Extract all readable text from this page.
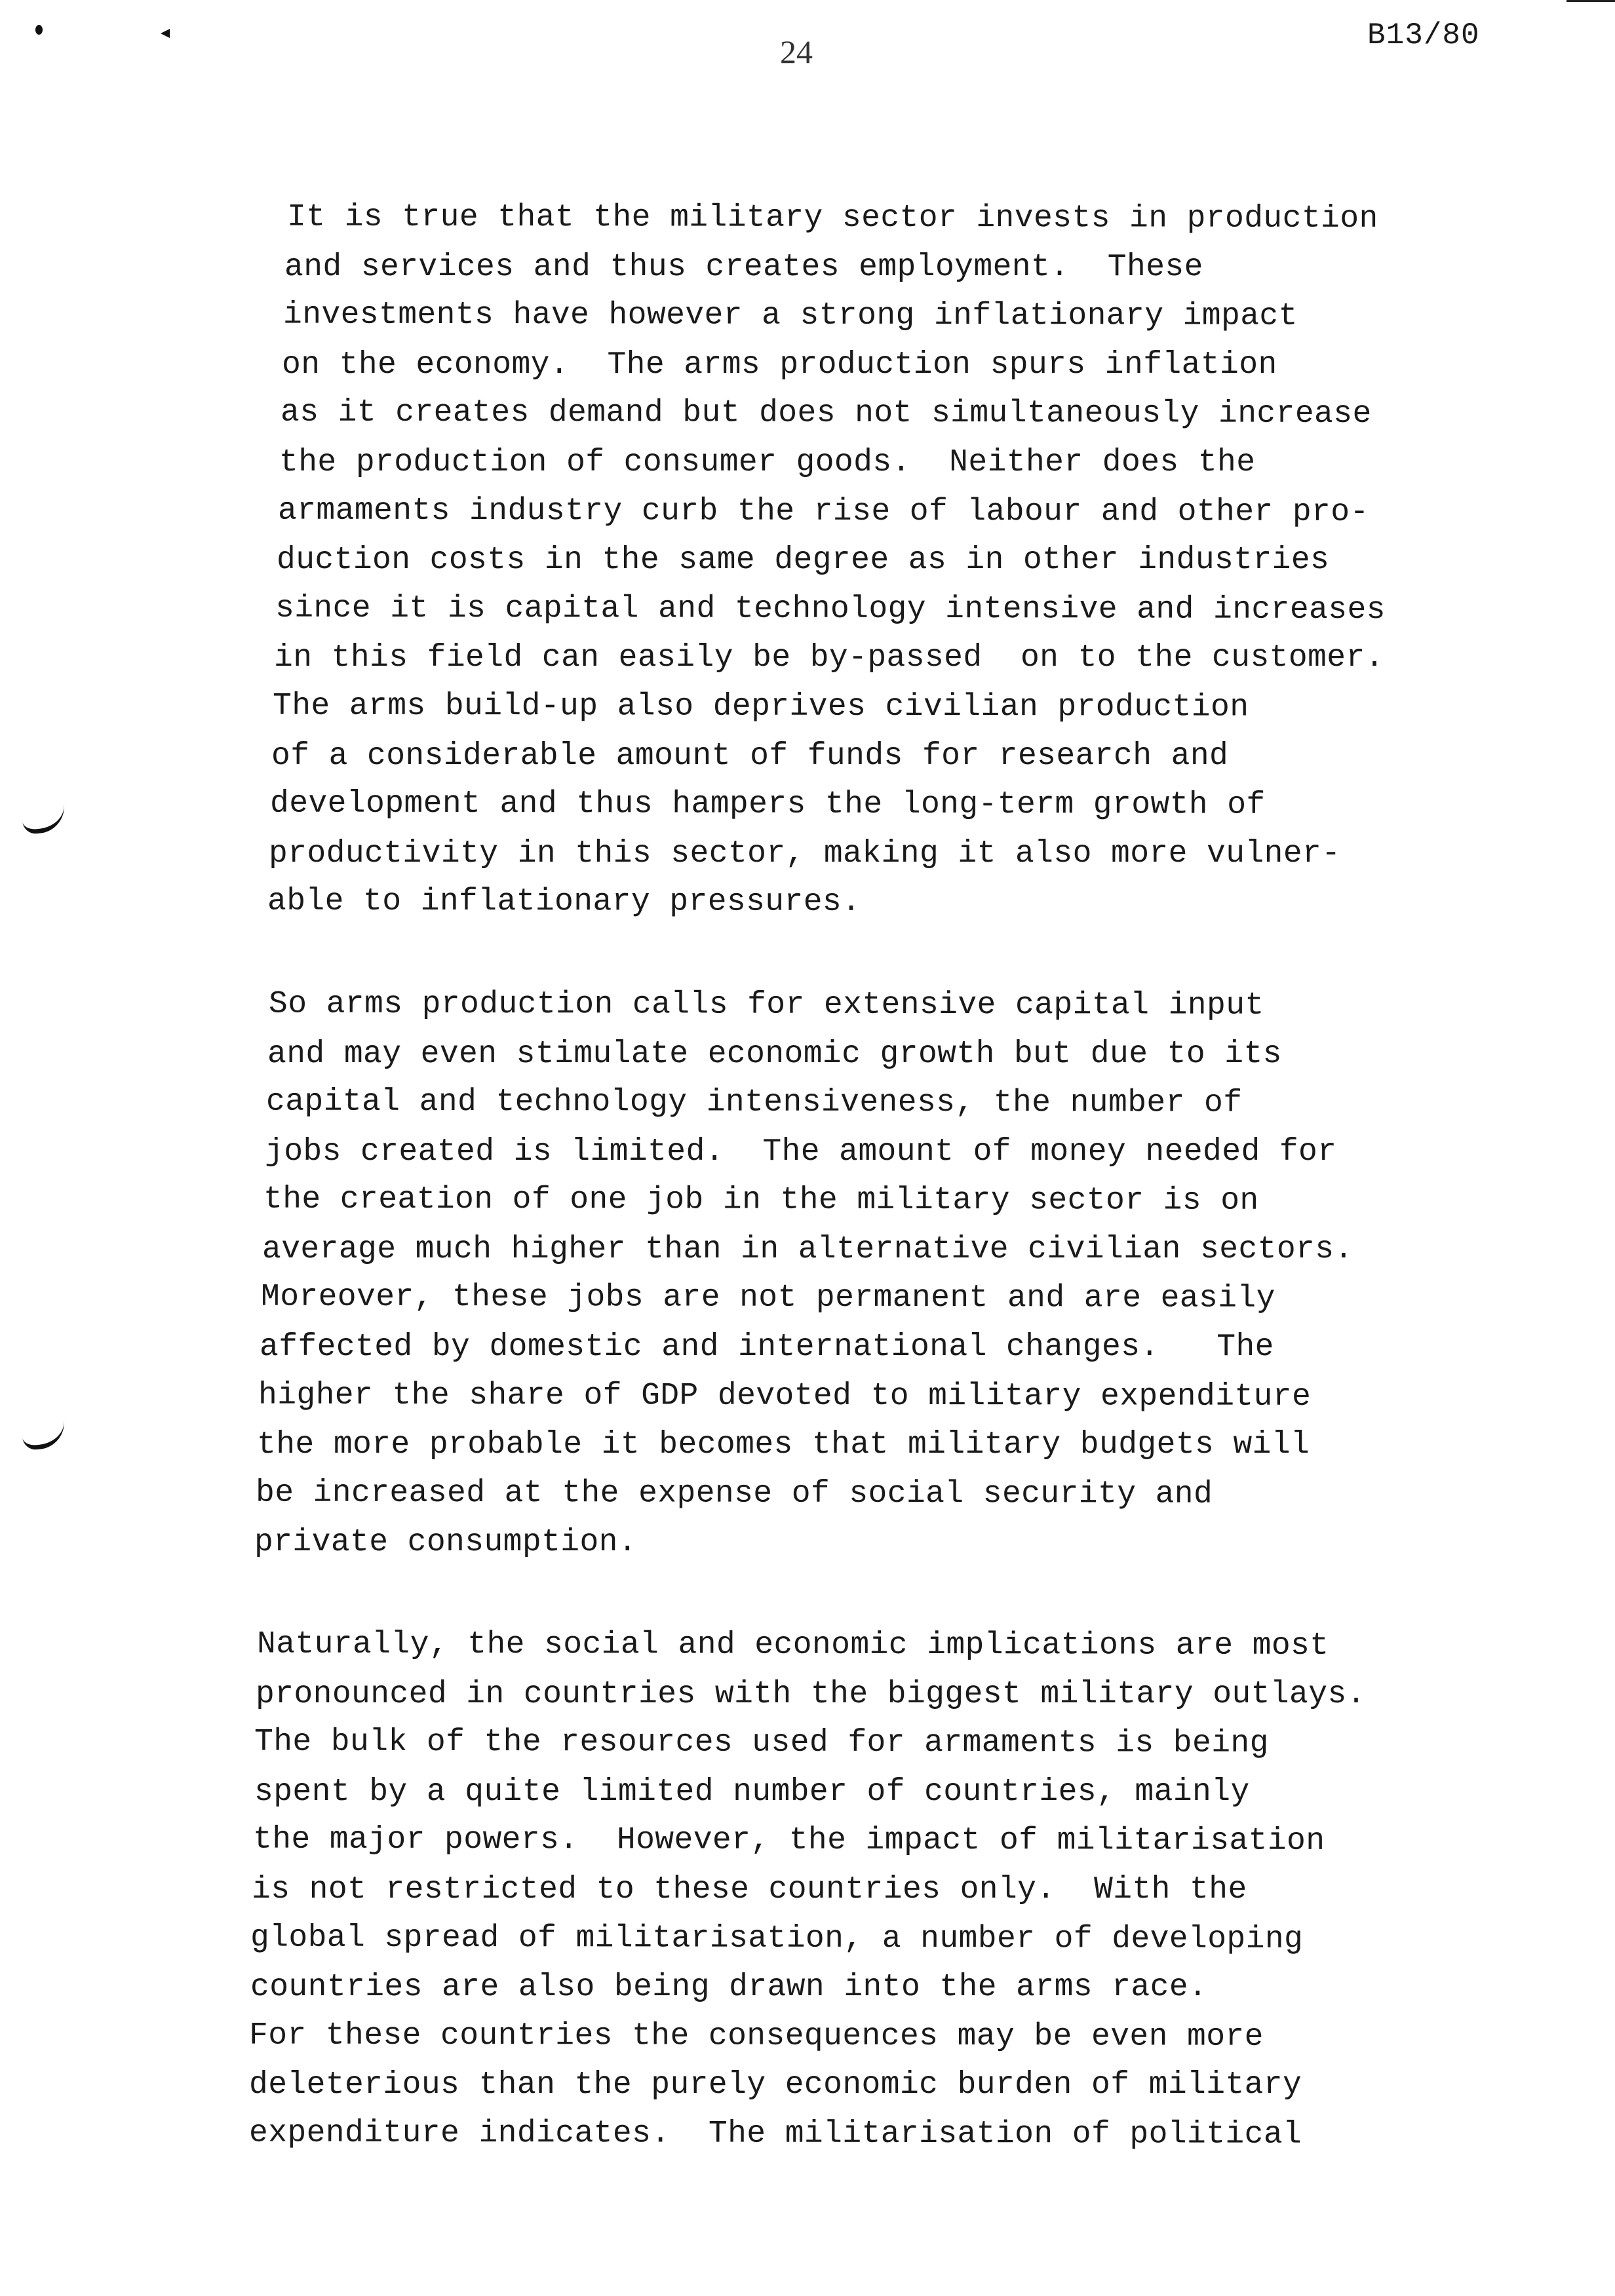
24	B13/80
It is true that the military sector invests in production
and services and thus creates employment.  These
investments have however a strong inflationary impact
on the economy.  The arms production spurs inflation
as it creates demand but does not simultaneously increase
the production of consumer goods.  Neither does the
armaments industry curb the rise of labour and other pro-
duction costs in the same degree as in other industries
since it is capital and technology intensive and increases
in this field can easily be by-passed  on to the customer.
The arms build-up also deprives civilian production
of a considerable amount of funds for research and
development and thus hampers the long-term growth of
productivity in this sector, making it also more vulner-
able to inflationary pressures.
So arms production calls for extensive capital input
and may even stimulate economic growth but due to its
capital and technology intensiveness, the number of
jobs created is limited.  The amount of money needed for
the creation of one job in the military sector is on
average much higher than in alternative civilian sectors.
Moreover, these jobs are not permanent and are easily
affected by domestic and international changes.   The
higher the share of GDP devoted to military expenditure
the more probable it becomes that military budgets will
be increased at the expense of social security and
private consumption.
Naturally, the social and economic implications are most
pronounced in countries with the biggest military outlays.
The bulk of the resources used for armaments is being
spent by a quite limited number of countries, mainly
the major powers.  However, the impact of militarisation
is not restricted to these countries only.  With the
global spread of militarisation, a number of developing
countries are also being drawn into the arms race.
For these countries the consequences may be even more
deleterious than the purely economic burden of military
expenditure indicates.  The militarisation of political
